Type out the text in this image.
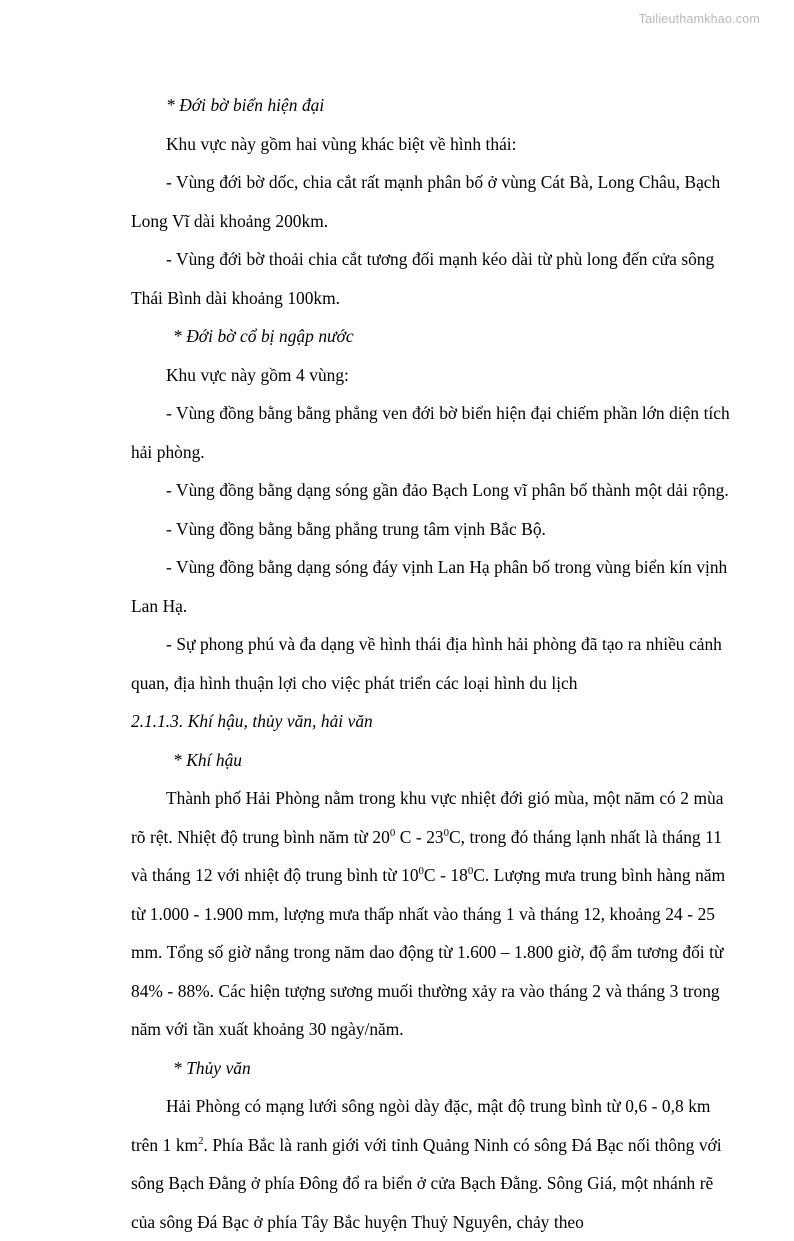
Tailieuthamkhao.com

* Đới bờ biển hiện đại

Khu vực này gồm hai vùng khác biệt về hình thái:

- Vùng đới bờ dốc, chia cắt rất mạnh phân bố ở vùng Cát Bà, Long Châu, Bạch Long Vĩ dài khoảng 200km.

- Vùng đới bờ thoải chia cắt tương đối mạnh kéo dài từ phù long đến cửa sông Thái Bình dài khoảng 100km.

* Đới bờ cổ bị ngập nước

Khu vực này gồm 4 vùng:

- Vùng đồng bằng bằng phẳng ven đới bờ biển hiện đại chiếm phần lớn diện tích hải phòng.

- Vùng đồng bằng dạng sóng gần đảo Bạch Long vĩ phân bố thành một dải rộng.

- Vùng đồng bằng bằng phẳng trung tâm vịnh Bắc Bộ.

- Vùng đồng bằng dạng sóng đáy vịnh Lan Hạ phân bố trong vùng biển kín vịnh Lan Hạ.

- Sự phong phú và đa dạng về hình thái địa hình hải phòng đã tạo ra nhiều cảnh quan, địa hình thuận lợi cho việc phát triển các loại hình du lịch

2.1.1.3. Khí hậu, thủy văn, hải văn

* Khí hậu

Thành phố Hải Phòng nằm trong khu vực nhiệt đới gió mùa, một năm có 2 mùa rõ rệt. Nhiệt độ trung bình năm từ $20^0$ C - $23^0C$, trong đó tháng lạnh nhất là tháng 11 và tháng 12 với nhiệt độ trung bình từ $10^0C - 18^0C$. Lượng mưa trung bình hàng năm từ 1.000 - 1.900 mm, lượng mưa thấp nhất vào tháng 1 và tháng 12, khoảng 24 - 25 mm. Tổng số giờ nắng trong năm dao động từ 1.600 – 1.800 giờ, độ ẩm tương đối từ 84% - 88%. Các hiện tượng sương muối thường xảy ra vào tháng 2 và tháng 3 trong năm với tần xuất khoảng 30 ngày/năm.

* Thủy văn

Hải Phòng có mạng lưới sông ngòi dày đặc, mật độ trung bình từ 0,6 - 0,8 km trên 1 $km^2$. Phía Bắc là ranh giới với tỉnh Quảng Ninh có sông Đá Bạc nối thông với sông Bạch Đằng ở phía Đông đổ ra biển ở cửa Bạch Đằng. Sông Giá, một nhánh rẽ của sông Đá Bạc ở phía Tây Bắc huyện Thuỷ Nguyên, chảy theo
